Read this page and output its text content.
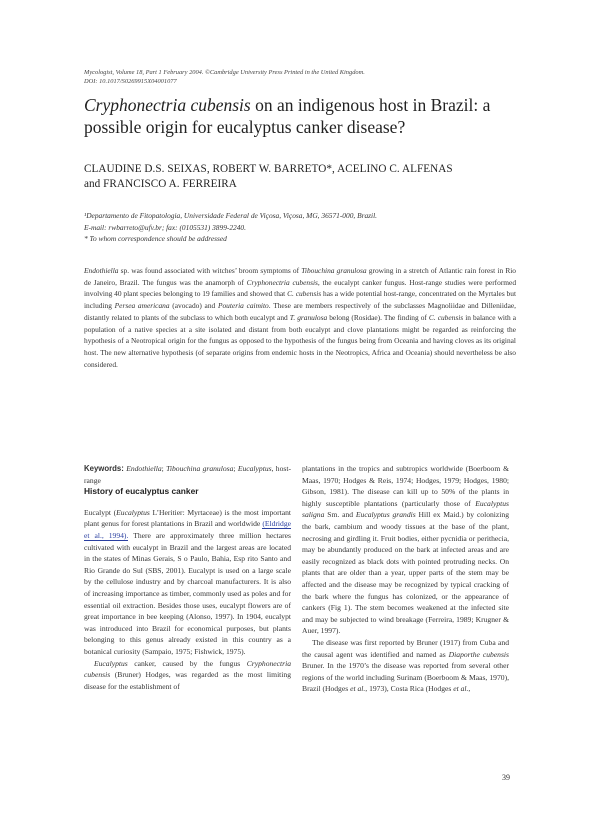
Mycologist, Volume 18, Part 1 February 2004. ©Cambridge University Press Printed in the United Kingdom.
DOI: 10.1017/S0269915X04001077
Cryphonectria cubensis on an indigenous host in Brazil: a possible origin for eucalyptus canker disease?
CLAUDINE D.S. SEIXAS, ROBERT W. BARRETO*, ACELINO C. ALFENAS
and FRANCISCO A. FERREIRA
¹Departamento de Fitopatologia, Universidade Federal de Viçosa, Viçosa, MG, 36571-000, Brazil.
E-mail: rwbarreto@ufv.br; fax: (0105531) 3899-2240.
* To whom correspondence should be addressed
Endothiella sp. was found associated with witches’ broom symptoms of Tibouchina granulosa growing in a stretch of Atlantic rain forest in Rio de Janeiro, Brazil. The fungus was the anamorph of Cryphonectria cubensis, the eucalypt canker fungus. Host-range studies were performed involving 40 plant species belonging to 19 families and showed that C. cubensis has a wide potential host-range, concentrated on the Myrtales but including Persea americana (avocado) and Pouteria caimito. These are members respectively of the subclasses Magnoliidae and Dilleniidae, distantly related to plants of the subclass to which both eucalypt and T. granulosa belong (Rosidae). The finding of C. cubensis in balance with a population of a native species at a site isolated and distant from both eucalypt and clove plantations might be regarded as reinforcing the hypothesis of a Neotropical origin for the fungus as opposed to the hypothesis of the fungus being from Oceania and having cloves as its original host. The new alternative hypothesis (of separate origins from endemic hosts in the Neotropics, Africa and Oceania) should nevertheless be also considered.

Keywords: Endothiella; Tibouchina granulosa; Eucalyptus, host-range

History of eucalyptus canker

Eucalypt (Eucalyptus L’Heritier: Myrtaceae) is the most important plant genus for forest plantations in Brazil and worldwide (Eldridge et al., 1994). There are approximately three million hectares cultivated with eucalypt in Brazil and the largest areas are located in the states of Minas Gerais, S o Paulo, Bahia, Esp rito Santo and Rio Grande do Sul (SBS, 2001). Eucalypt is used on a large scale by the cellulose industry and by charcoal manufacturers. It is also of increasing importance as timber, commonly used as poles and for essential oil extraction. Besides those uses, eucalypt flowers are of great importance in bee keeping (Alonso, 1997). In 1904, eucalypt was introduced into Brazil for economical purposes, but plants belonging to this genus already existed in this country as a botanical curiosity (Sampaio, 1975; Fishwick, 1975).

Eucalyptus canker, caused by the fungus Cryphonectria cubensis (Bruner) Hodges, was regarded as the most limiting disease for the establishment of

plantations in the tropics and subtropics worldwide (Boerboom & Maas, 1970; Hodges & Reis, 1974; Hodges, 1979; Hodges, 1980; Gibson, 1981). The disease can kill up to 50% of the plants in highly susceptible plantations (particularly those of Eucalyptus saligna Sm. and Eucalyptus grandis Hill ex Maid.) by colonizing the bark, cambium and woody tissues at the base of the plant, necrosing and girdling it. Fruit bodies, either pycnidia or perithecia, may be abundantly produced on the bark at infected areas and are easily recognized as black dots with pointed protruding necks. On plants that are older than a year, upper parts of the stem may be affected and the disease may be recognized by typical cracking of the bark where the fungus has colonized, or the appearance of cankers (Fig 1). The stem becomes weakened at the infected site and may be subjected to wind breakage (Ferreira, 1989; Krugner & Auer, 1997).

The disease was first reported by Bruner (1917) from Cuba and the causal agent was identified and named as Diaporthe cubensis Bruner. In the 1970’s the disease was reported from several other regions of the world including Surinam (Boerboom & Maas, 1970), Brazil (Hodges et al., 1973), Costa Rica (Hodges et al.,

39
